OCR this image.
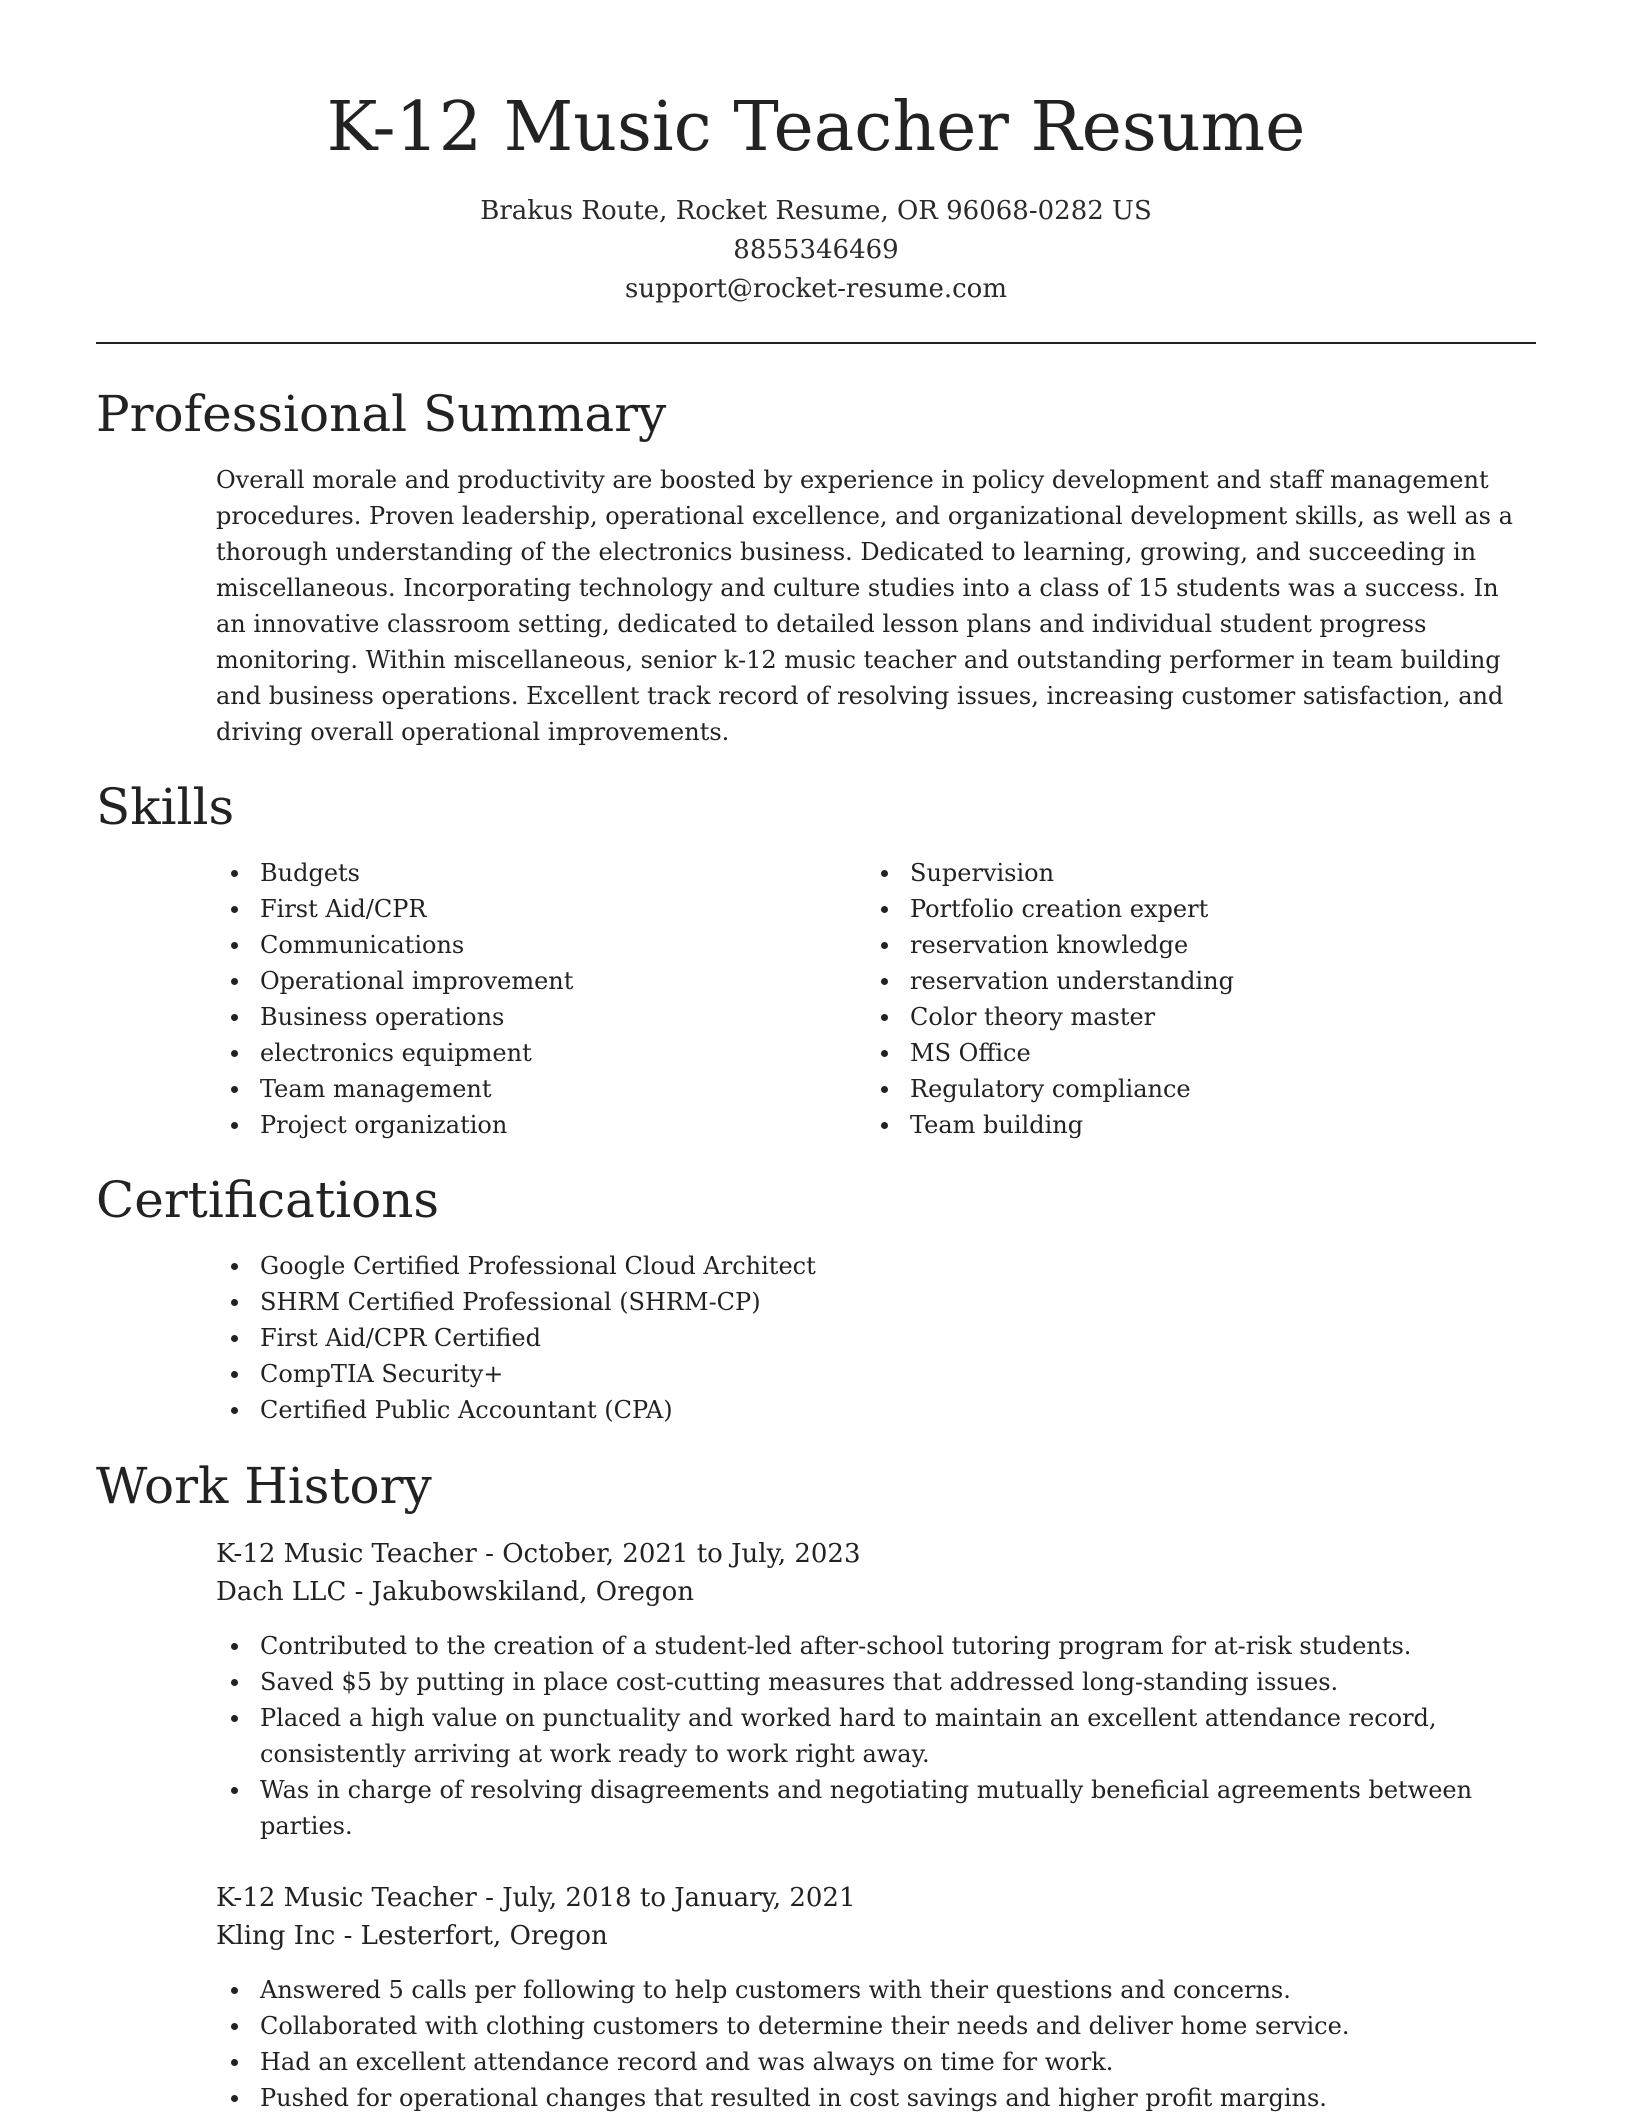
K-12 Music Teacher Resume
Brakus Route, Rocket Resume, OR 96068-0282 US
8855346469
support@rocket-resume.com
Professional Summary

Overall morale and productivity are boosted by experience in policy development and staff management procedures. Proven leadership, operational excellence, and organizational development skills, as well as a thorough understanding of the electronics business. Dedicated to learning, growing, and succeeding in miscellaneous. Incorporating technology and culture studies into a class of 15 students was a success. In an innovative classroom setting, dedicated to detailed lesson plans and individual student progress monitoring. Within miscellaneous, senior k-12 music teacher and outstanding performer in team building and business operations. Excellent track record of resolving issues, increasing customer satisfaction, and driving overall operational improvements.

Skills
Budgets
First Aid/CPR
Communications
Operational improvement
Business operations
electronics equipment
Team management
Project organization
Supervision
Portfolio creation expert
reservation knowledge
reservation understanding
Color theory master
MS Office
Regulatory compliance
Team building
Certifications
Google Certified Professional Cloud Architect
SHRM Certified Professional (SHRM-CP)
First Aid/CPR Certified
CompTIA Security+
Certified Public Accountant (CPA)
Work History
K-12 Music Teacher - October, 2021 to July, 2023
Dach LLC - Jakubowskiland, Oregon
Contributed to the creation of a student-led after-school tutoring program for at-risk students.
Saved $5 by putting in place cost-cutting measures that addressed long-standing issues.
Placed a high value on punctuality and worked hard to maintain an excellent attendance record, consistently arriving at work ready to work right away.
Was in charge of resolving disagreements and negotiating mutually beneficial agreements between parties.
K-12 Music Teacher - July, 2018 to January, 2021
Kling Inc - Lesterfort, Oregon
Answered 5 calls per following to help customers with their questions and concerns.
Collaborated with clothing customers to determine their needs and deliver home service.
Had an excellent attendance record and was always on time for work.
Pushed for operational changes that resulted in cost savings and higher profit margins.
